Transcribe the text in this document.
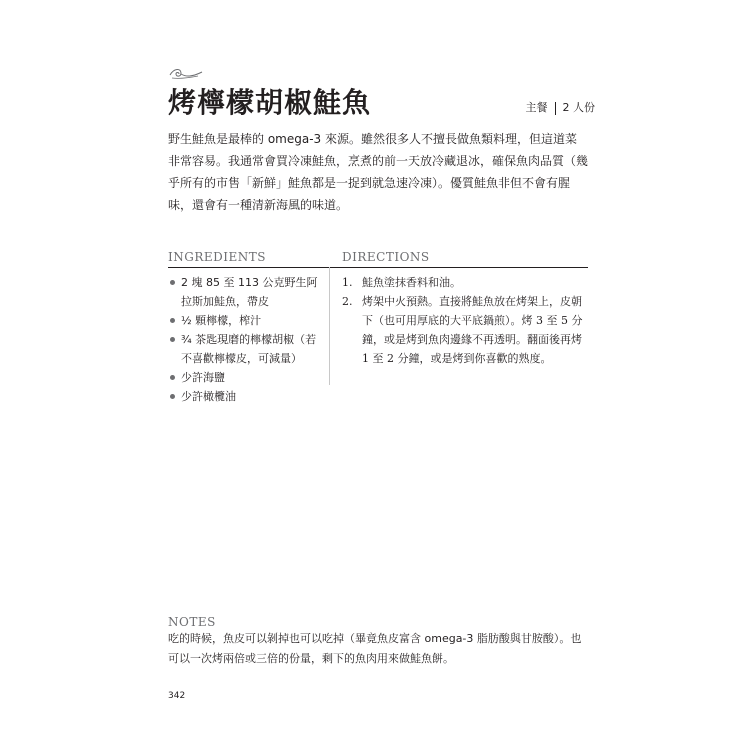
烤檸檬胡椒鮭魚	主餐 2 人份

野生鮭魚是最棒的 omega-3 來源。雖然很多人不擅長做魚類料理，但這道菜非常容易。我通常會買冷凍鮭魚，烹煮的前一天放冷藏退冰，確保魚肉品質（幾乎所有的市售「新鮮」鮭魚都是一捉到就急速冷凍）。優質鮭魚非但不會有腥味，還會有一種清新海風的味道。

INGREDIENTS	DIRECTIONS
2 塊 85 至 113 公克野生阿拉斯加鮭魚，帶皮
½ 顆檸檬，榨汁
¾ 茶匙現磨的檸檬胡椒（若不喜歡檸檬皮，可減量）
少許海鹽
少許橄欖油
1. 鮭魚塗抹香料和油。
2. 烤架中火預熱。直接將鮭魚放在烤架上，皮朝下（也可用厚底的大平底鍋煎）。烤 3 至 5 分鐘，或是烤到魚肉邊緣不再透明。翻面後再烤 1 至 2 分鐘，或是烤到你喜歡的熟度。
NOTES

吃的時候，魚皮可以剝掉也可以吃掉（畢竟魚皮富含 omega-3 脂肪酸與甘胺酸）。也可以一次烤兩倍或三倍的份量，剩下的魚肉用來做鮭魚餅。

342
